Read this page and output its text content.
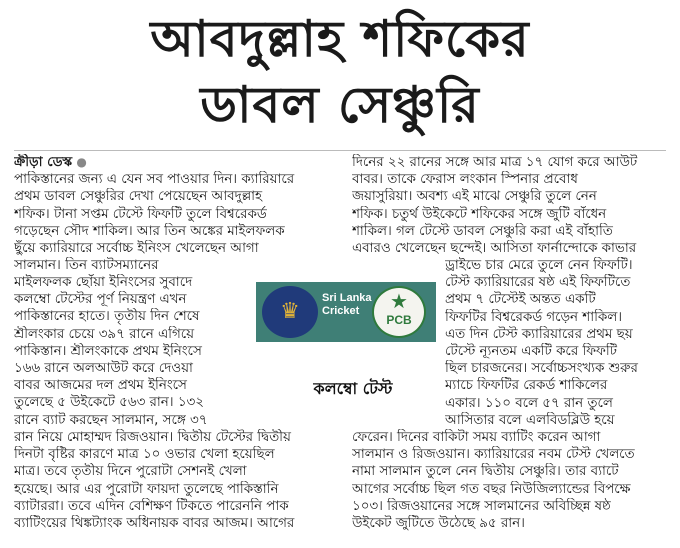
আবদুল্লাহ শফিকের
ডাবল সেঞ্চুরি

ক্রীড়া ডেস্ক ●

পাকিস্তানের জন্য এ যেন সব পাওয়ার দিন। ক্যারিয়ারে

প্রথম ডাবল সেঞ্চুরির দেখা পেয়েছেন আবদুল্লাহ

শফিক। টানা সপ্তম টেস্টে ফিফটি তুলে বিশ্বরেকর্ড

গড়েছেন সৌদ শাকিল। আর তিন অঙ্কের মাইলফলক

ছুঁয়ে ক্যারিয়ারে সর্বোচ্চ ইনিংস খেলেছেন আগা

সালমান। তিন ব্যাটসম্যানের

মাইলফলক ছোঁয়া ইনিংসের সুবাদে

কলম্বো টেস্টের পূর্ণ নিয়ন্ত্রণ এখন

পাকিস্তানের হাতে। তৃতীয় দিন শেষে

শ্রীলংকার চেয়ে ৩৯৭ রানে এগিয়ে

পাকিস্তান। শ্রীলংকাকে প্রথম ইনিংসে

১৬৬ রানে অলআউট করে দেওয়া

বাবর আজমের দল প্রথম ইনিংসে

তুলেছে ৫ উইকেটে ৫৬৩ রান। ১৩২

রানে ব্যাট করছেন সালমান, সঙ্গে ৩৭

রান নিয়ে মোহাম্মদ রিজওয়ান। দ্বিতীয় টেস্টের দ্বিতীয়

দিনটা বৃষ্টির কারণে মাত্র ১০ ওভার খেলা হয়েছিল

মাত্র। তবে তৃতীয় দিনে পুরোটা সেশনই খেলা

হয়েছে। আর এর পুরোটা ফায়দা তুলেছে পাকিস্তানি

ব্যাটাররা। তবে এদিন বেশিক্ষণ টিকতে পারেননি পাক

ব্যাটিংয়ের থিঙ্কট্যাংক অধিনায়ক বাবর আজম। আগের

দিনের ২২ রানের সঙ্গে আর মাত্র ১৭ যোগ করে আউট

বাবর। তাকে ফেরাস লংকান স্পিনার প্রবোধ

জয়াসুরিয়া। অবশ্য এই মাঝে সেঞ্চুরি তুলে নেন

শফিক। চতুর্থ উইকেটে শফিকের সঙ্গে জুটি বাঁধেন

শাকিল। গল টেস্টে ডাবল সেঞ্চুরি করা এই বাঁহাতি

এবারও খেলেছেন ছন্দেই। আসিতা ফার্নান্দোকে কাভার

ড্রাইভে চার মেরে তুলে নেন ফিফটি।

টেস্ট ক্যারিয়ারের ষষ্ঠ এই ফিফটিতে

প্রথম ৭ টেস্টেই অন্তত একটি

ফিফটির বিশ্বরেকর্ড গড়েন শাকিল।

এত দিন টেস্ট ক্যারিয়ারের প্রথম ছয়

টেস্টে ন্যূনতম একটি করে ফিফটি

ছিল চারজনের। সর্বোচ্চসংখ্যক শুরুর

ম্যাচে ফিফটির রেকর্ড শাকিলের

একার। ১১০ বলে ৫৭ রান তুলে

আসিতার বলে এলবিডব্লিউ হয়ে

ফেরেন। দিনের বাকিটা সময় ব্যাটিং করেন আগা

সালমান ও রিজওয়ান। ক্যারিয়ারের নবম টেস্ট খেলতে

নামা সালমান তুলে নেন দ্বিতীয় সেঞ্চুরি। তার ব্যাটে

আগের সর্বোচ্চ ছিল গত বছর নিউজিল্যান্ডের বিপক্ষে

১০৩। রিজওয়ানের সঙ্গে সালমানের অবিচ্ছিন্ন ষষ্ঠ

উইকেট জুটিতে উঠেছে ৯৫ রান।

♛
Sri Lanka
Cricket	★
PCB
কলম্বো টেস্ট
